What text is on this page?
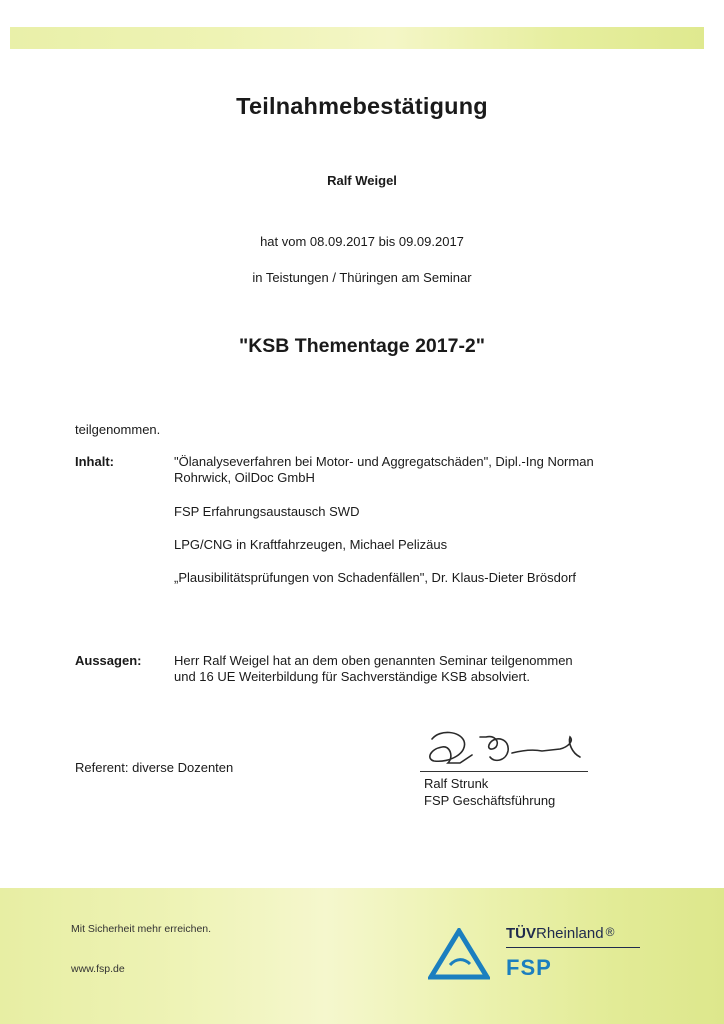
Teilnahmebestätigung
Ralf Weigel
hat vom 08.09.2017 bis 09.09.2017
in Teistungen / Thüringen am Seminar
"KSB Thementage 2017-2"
teilgenommen.
Inhalt:	"Ölanalyseverfahren bei Motor- und Aggregatschäden", Dipl.-Ing Norman
Rohrwick, OilDoc GmbH
FSP Erfahrungsaustausch SWD
LPG/CNG in Kraftfahrzeugen, Michael Pelizäus
„Plausibilitätsprüfungen von Schadenfällen", Dr. Klaus-Dieter Brösdorf
Aussagen:	Herr Ralf Weigel hat an dem oben genannten Seminar teilgenommen
und 16 UE Weiterbildung für Sachverständige KSB absolviert.
Referent: diverse Dozenten
Ralf Strunk
FSP Geschäftsführung
Mit Sicherheit mehr erreichen.
www.fsp.de
TÜVRheinland ®
FSP
